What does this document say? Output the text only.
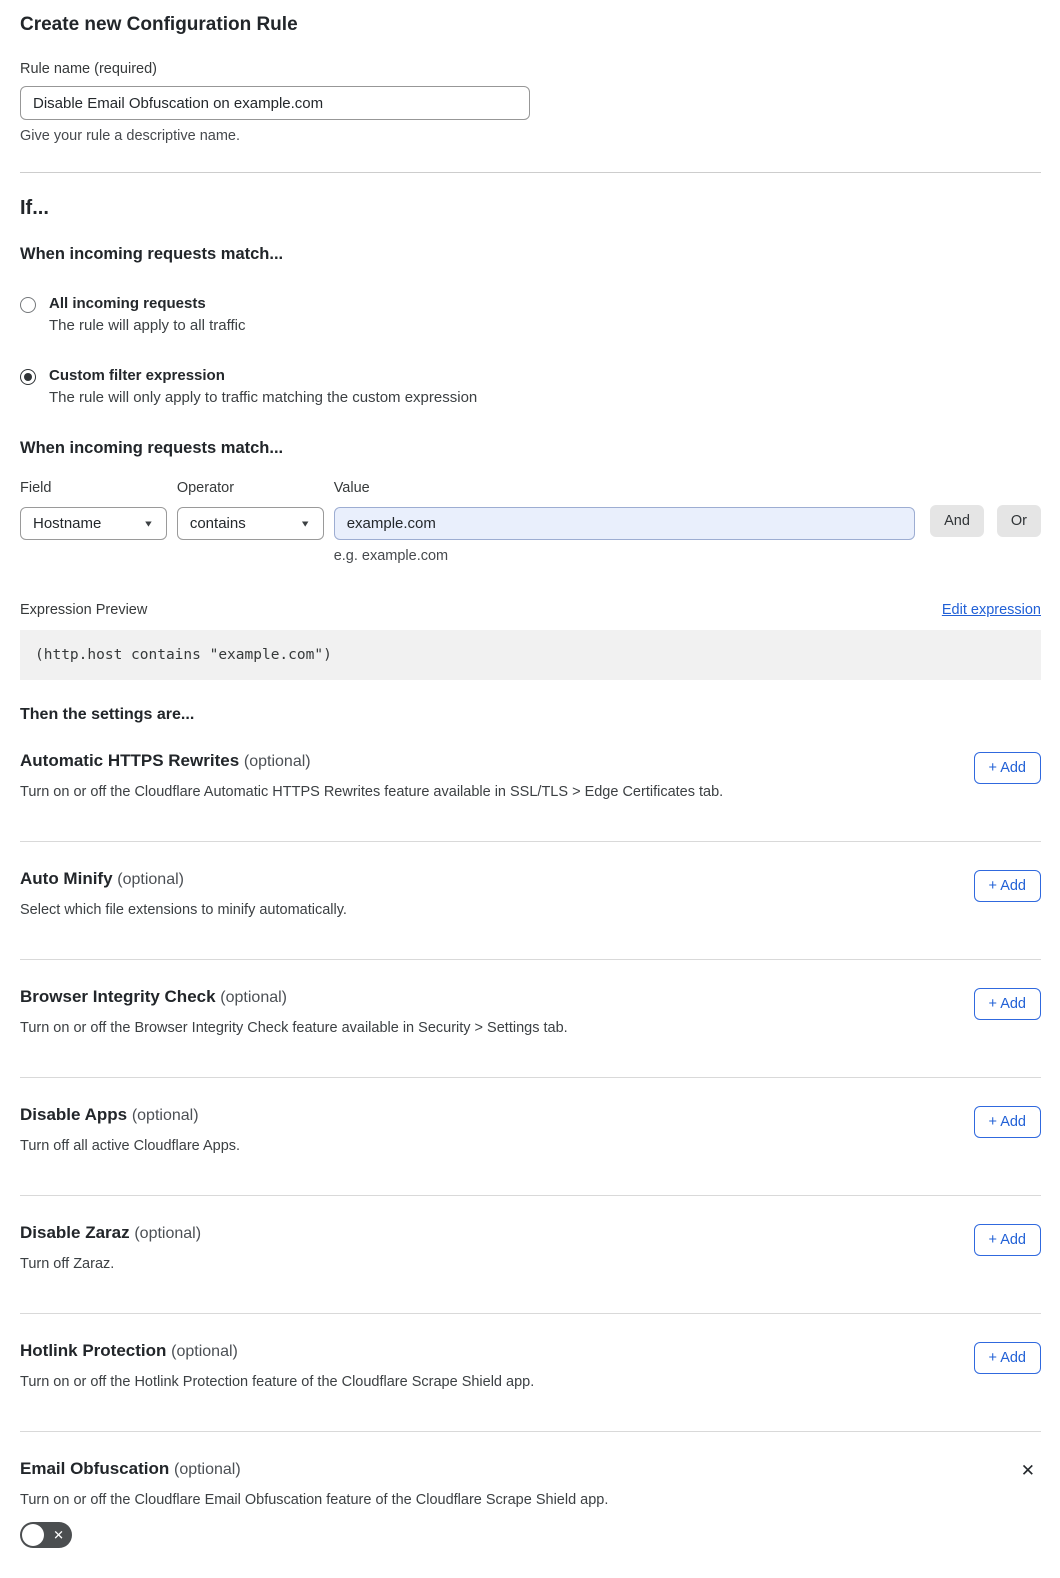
Create new Configuration Rule
Rule name (required)
Disable Email Obfuscation on example.com
Give your rule a descriptive name.
If...
When incoming requests match...
All incoming requests
The rule will apply to all traffic
Custom filter expression
The rule will only apply to traffic matching the custom expression
When incoming requests match...
Field
Hostname	▼
Operator
contains	▼
Value
example.com
e.g. example.com
And	Or
Expression Preview	Edit expression
(http.host contains "example.com")
Then the settings are...
Automatic HTTPS Rewrites (optional)
Turn on or off the Cloudflare Automatic HTTPS Rewrites feature available in SSL/TLS > Edge Certificates tab.
+ Add
Auto Minify (optional)
Select which file extensions to minify automatically.
+ Add
Browser Integrity Check (optional)
Turn on or off the Browser Integrity Check feature available in Security > Settings tab.
+ Add
Disable Apps (optional)
Turn off all active Cloudflare Apps.
+ Add
Disable Zaraz (optional)
Turn off Zaraz.
+ Add
Hotlink Protection (optional)
Turn on or off the Hotlink Protection feature of the Cloudflare Scrape Shield app.
+ Add
Email Obfuscation (optional)
Turn on or off the Cloudflare Email Obfuscation feature of the Cloudflare Scrape Shield app.
✕
✕
